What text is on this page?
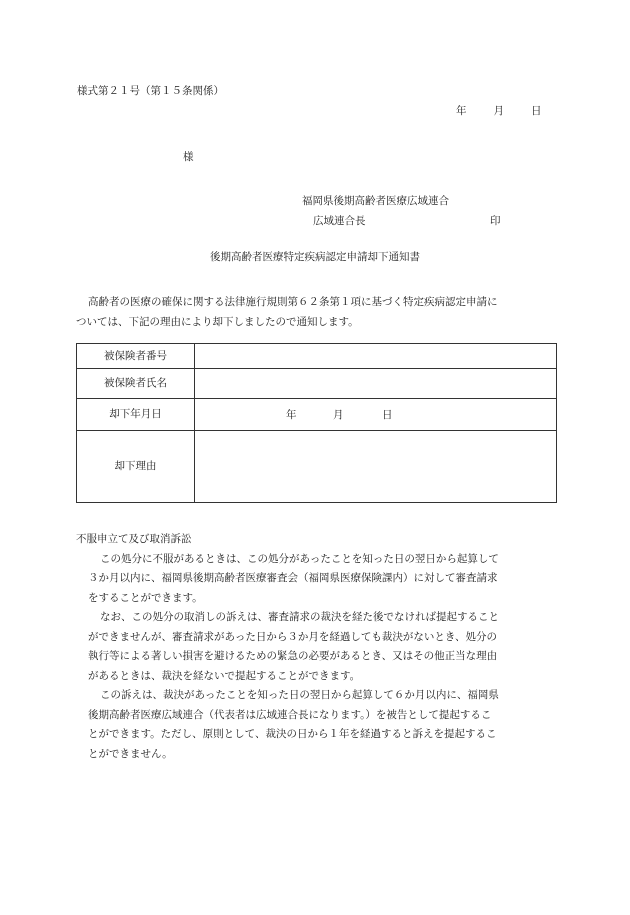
様式第２１号（第１５条関係）
年	月	日
様
福岡県後期高齢者医療広域連合
広域連合長	印
後期高齢者医療特定疾病認定申請却下通知書

高齢者の医療の確保に関する法律施行規則第６２条第１項に基づく特定疾病認定申請に

ついては、下記の理由により却下しましたので通知します。

被保険者番号	
被保険者氏名	
却下年月日	年 月 日

却下理由	

不服申立て及び取消訴訟

この処分に不服があるときは、この処分があったことを知った日の翌日から起算して

３か月以内に、福岡県後期高齢者医療審査会（福岡県医療保険課内）に対して審査請求

をすることができます。

なお、この処分の取消しの訴えは、審査請求の裁決を経た後でなければ提起すること

ができませんが、審査請求があった日から３か月を経過しても裁決がないとき、処分の

執行等による著しい損害を避けるための緊急の必要があるとき、又はその他正当な理由

があるときは、裁決を経ないで提起することができます。

この訴えは、裁決があったことを知った日の翌日から起算して６か月以内に、福岡県

後期高齢者医療広域連合（代表者は広域連合長になります。）を被告として提起するこ

とができます。ただし、原則として、裁決の日から１年を経過すると訴えを提起するこ

とができません。
